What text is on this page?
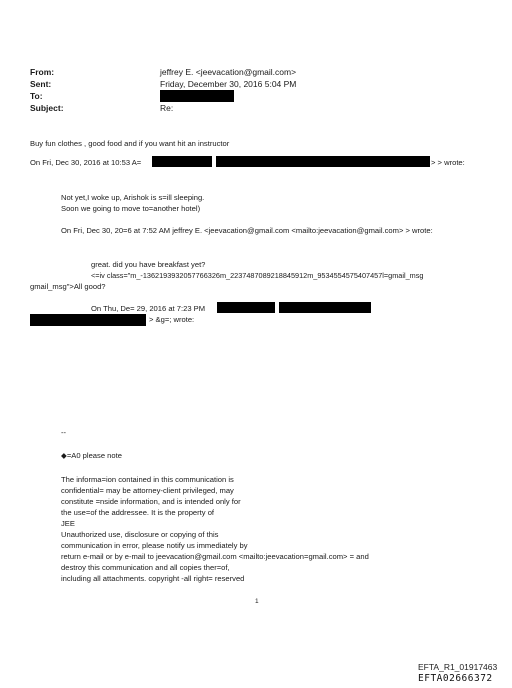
From:	jeffrey E. <jeevacation@gmail.com>
Sent:	Friday, December 30, 2016 5:04 PM
To:
Subject:	Re:
Buy fun clothes , good food and if you want hit an instructor
On Fri, Dec 30, 2016 at 10:53 A=	> > wrote:
Not yet,I woke up, Arishok is s=ill sleeping.
Soon we going to move to=another hotel)
On Fri, Dec 30, 20=6 at 7:52 AM jeffrey E. <jeevacation@gmail.com <mailto:jeevacation@gmail.com> > wrote:
great. did you have breakfast yet?
<=iv class="m_-1362193932057766326m_2237487089218845912m_9534554575407457l=gmail_msg
gmail_msg">All good?
On Thu, De= 29, 2016 at 7:23 PM
> &g=; wrote:
--
◆=A0 please note
The informa=ion contained in this communication is
confidential= may be attorney-client privileged, may
constitute =nside information, and is intended only for
the use=of the addressee. It is the property of
JEE
Unauthorized use, disclosure or copying of this
communication in error, please notify us immediately by
return e-mail or by e-mail to jeevacation@gmail.com <mailto:jeevacation=gmail.com> = and
destroy this communication and all copies ther=of,
including all attachments. copyright -all right= reserved
1
EFTA_R1_01917463
EFTA02666372
